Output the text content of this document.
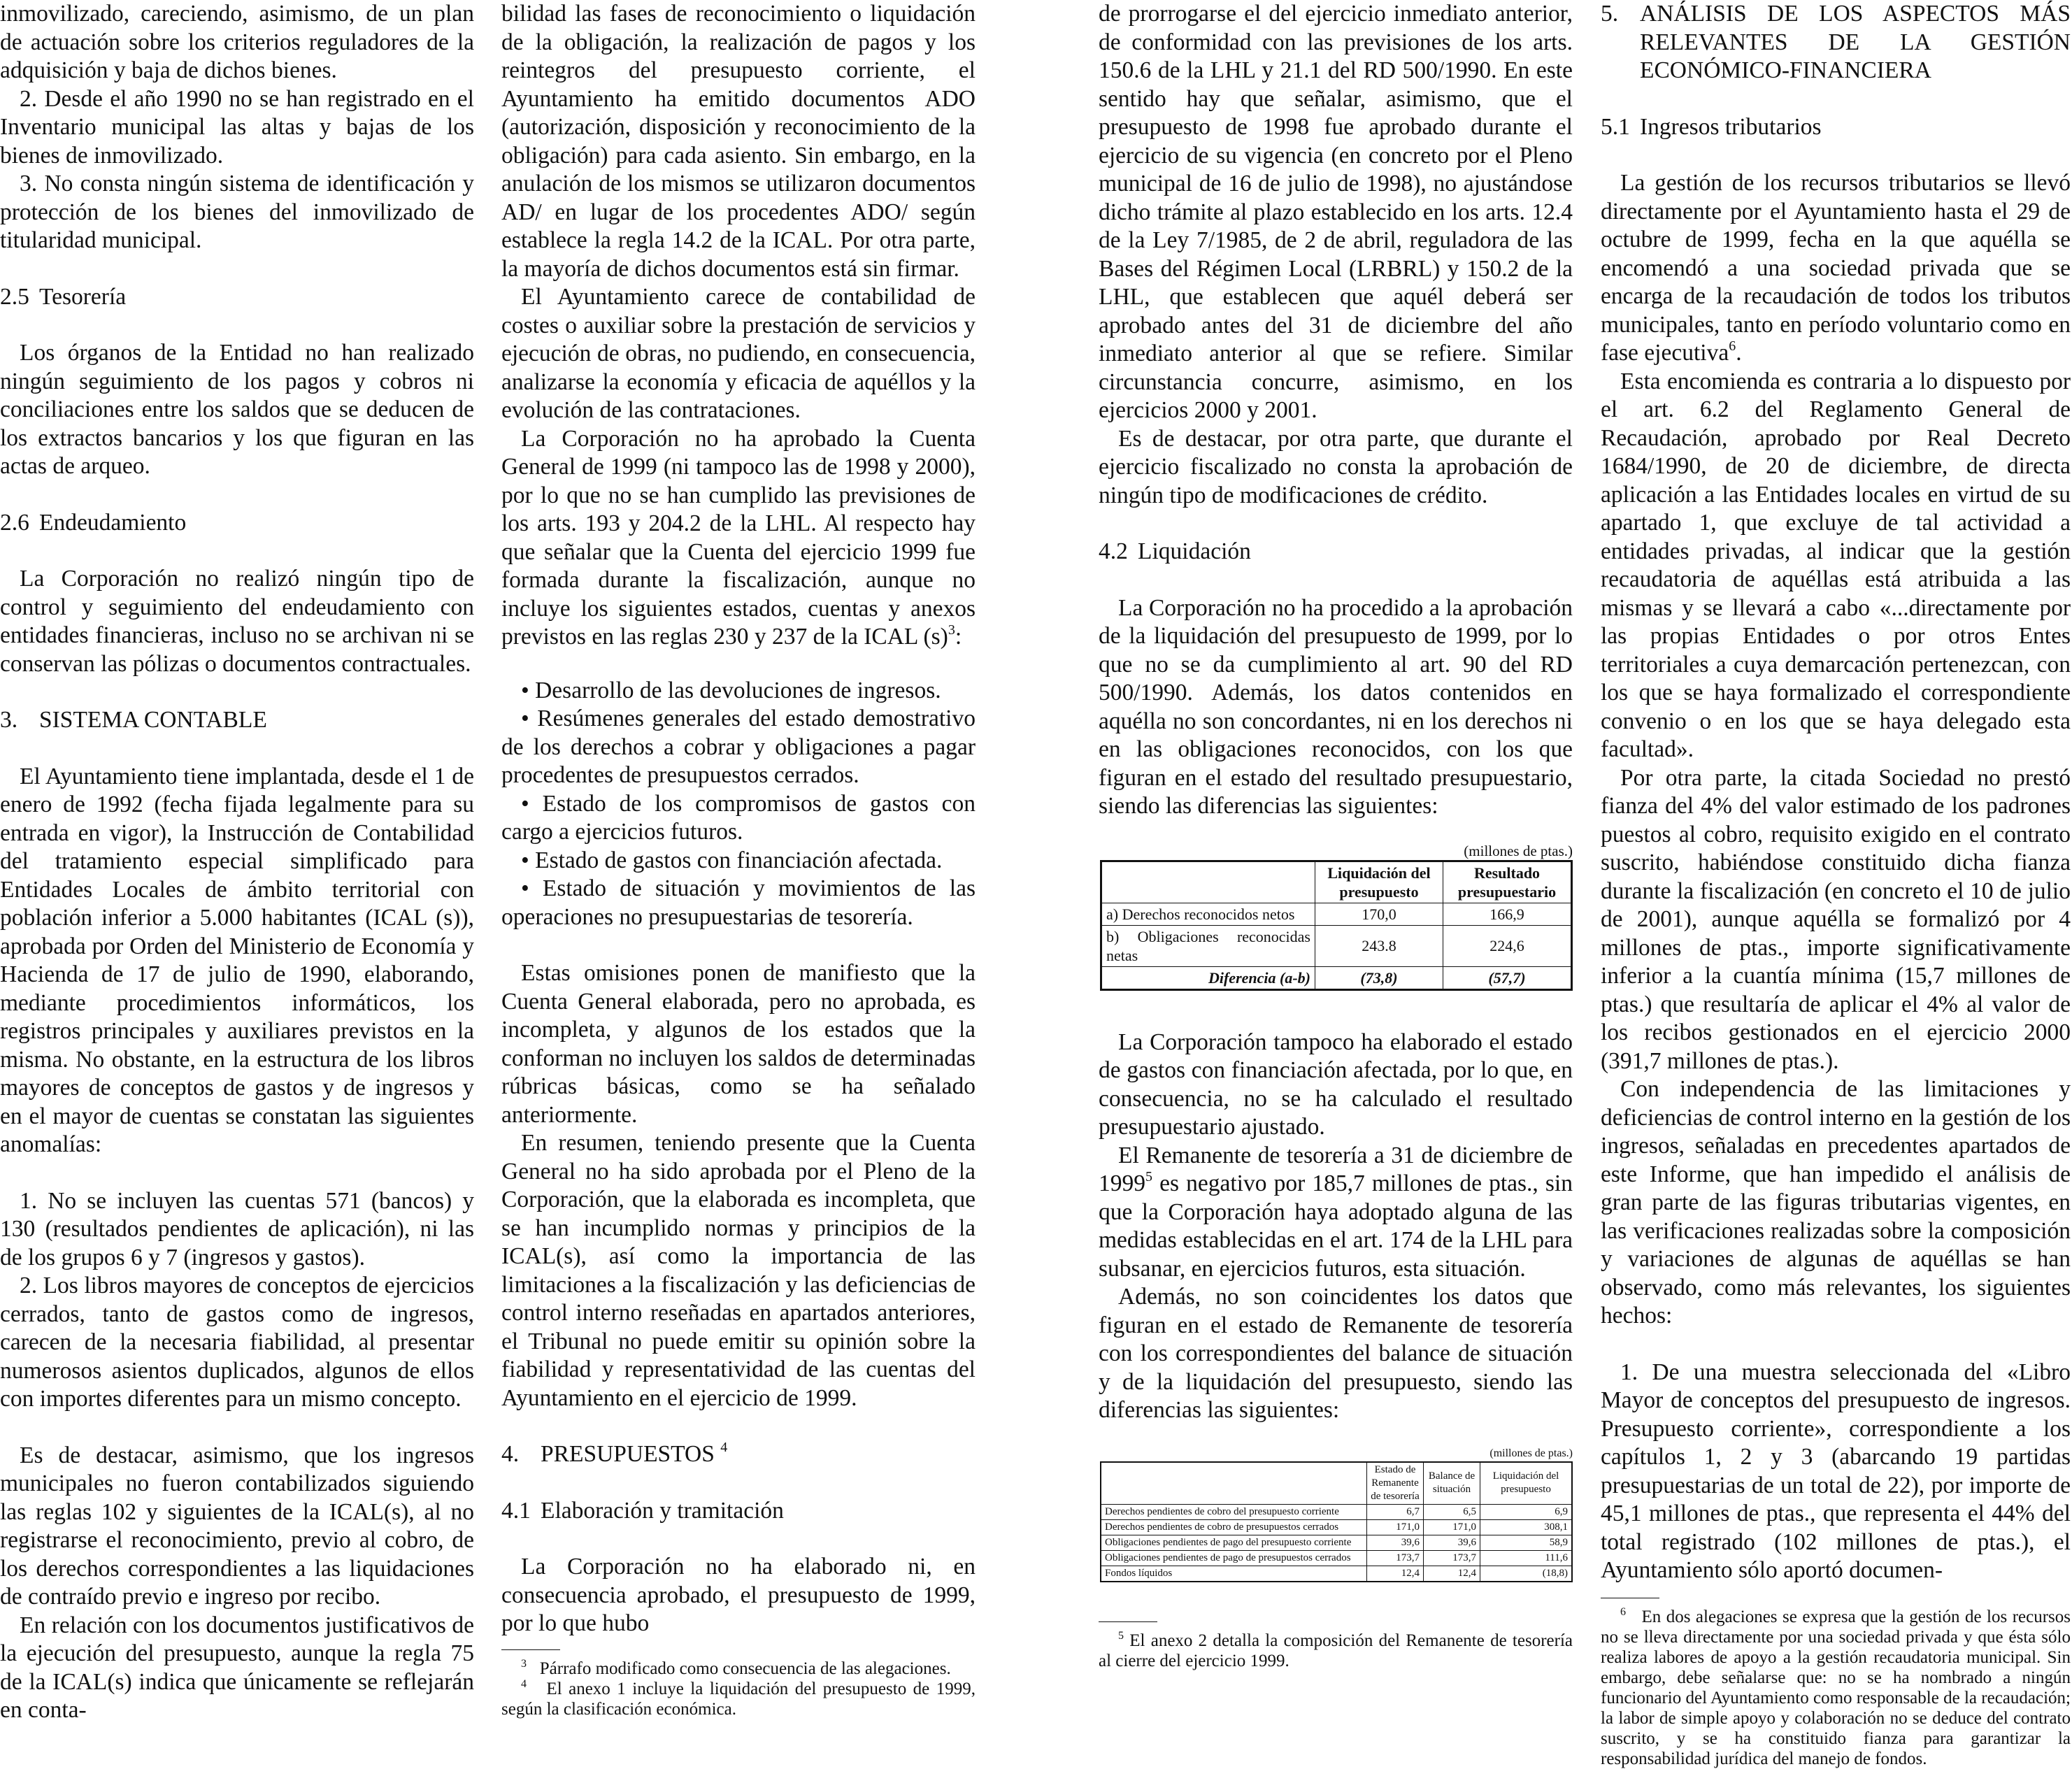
inmovilizado, careciendo, asimismo, de un plan de actuación sobre los criterios reguladores de la adquisición y baja de dichos bienes.

2. Desde el año 1990 no se han registrado en el Inventario municipal las altas y bajas de los bienes de inmovilizado.

3. No consta ningún sistema de identificación y protección de los bienes del inmovilizado de titularidad municipal.

2.5 Tesorería

Los órganos de la Entidad no han realizado ningún seguimiento de los pagos y cobros ni conciliaciones entre los saldos que se deducen de los extractos bancarios y los que figuran en las actas de arqueo.

2.6 Endeudamiento

La Corporación no realizó ningún tipo de control y seguimiento del endeudamiento con entidades financieras, incluso no se archivan ni se conservan las pólizas o documentos contractuales.

3. SISTEMA CONTABLE

El Ayuntamiento tiene implantada, desde el 1 de enero de 1992 (fecha fijada legalmente para su entrada en vigor), la Instrucción de Contabilidad del tratamiento especial simplificado para Entidades Locales de ámbito territorial con población inferior a 5.000 habitantes (ICAL (s)), aprobada por Orden del Ministerio de Economía y Hacienda de 17 de julio de 1990, elaborando, mediante procedimientos informáticos, los registros principales y auxiliares previstos en la misma. No obstante, en la estructura de los libros mayores de conceptos de gastos y de ingresos y en el mayor de cuentas se constatan las siguientes anomalías:

1. No se incluyen las cuentas 571 (bancos) y 130 (resultados pendientes de aplicación), ni las de los grupos 6 y 7 (ingresos y gastos).

2. Los libros mayores de conceptos de ejercicios cerrados, tanto de gastos como de ingresos, carecen de la necesaria fiabilidad, al presentar numerosos asientos duplicados, algunos de ellos con importes diferentes para un mismo concepto.

Es de destacar, asimismo, que los ingresos municipales no fueron contabilizados siguiendo las reglas 102 y siguientes de la ICAL(s), al no registrarse el reconocimiento, previo al cobro, de los derechos correspondientes a las liquidaciones de contraído previo e ingreso por recibo.

En relación con los documentos justificativos de la ejecución del presupuesto, aunque la regla 75 de la ICAL(s) indica que únicamente se reflejarán en conta-

bilidad las fases de reconocimiento o liquidación de la obligación, la realización de pagos y los reintegros del presupuesto corriente, el Ayuntamiento ha emitido documentos ADO (autorización, disposición y reconocimiento de la obligación) para cada asiento. Sin embargo, en la anulación de los mismos se utilizaron documentos AD/ en lugar de los procedentes ADO/ según establece la regla 14.2 de la ICAL. Por otra parte, la mayoría de dichos documentos está sin firmar.

El Ayuntamiento carece de contabilidad de costes o auxiliar sobre la prestación de servicios y ejecución de obras, no pudiendo, en consecuencia, analizarse la economía y eficacia de aquéllos y la evolución de las contrataciones.

La Corporación no ha aprobado la Cuenta General de 1999 (ni tampoco las de 1998 y 2000), por lo que no se han cumplido las previsiones de los arts. 193 y 204.2 de la LHL. Al respecto hay que señalar que la Cuenta del ejercicio 1999 fue formada durante la fiscalización, aunque no incluye los siguientes estados, cuentas y anexos previstos en las reglas 230 y 237 de la ICAL $(s)^3$:

• Desarrollo de las devoluciones de ingresos.

• Resúmenes generales del estado demostrativo de los derechos a cobrar y obligaciones a pagar procedentes de presupuestos cerrados.

• Estado de los compromisos de gastos con cargo a ejercicios futuros.

• Estado de gastos con financiación afectada.

• Estado de situación y movimientos de las operaciones no presupuestarias de tesorería.

Estas omisiones ponen de manifiesto que la Cuenta General elaborada, pero no aprobada, es incompleta, y algunos de los estados que la conforman no incluyen los saldos de determinadas rúbricas básicas, como se ha señalado anteriormente.

En resumen, teniendo presente que la Cuenta General no ha sido aprobada por el Pleno de la Corporación, que la elaborada es incompleta, que se han incumplido normas y principios de la ICAL(s), así como la importancia de las limitaciones a la fiscalización y las deficiencias de control interno reseñadas en apartados anteriores, el Tribunal no puede emitir su opinión sobre la fiabilidad y representatividad de las cuentas del Ayuntamiento en el ejercicio de 1999.

4. PRESUPUESTOS $^4$
4.1 Elaboración y tramitación

La Corporación no ha elaborado ni, en consecuencia aprobado, el presupuesto de 1999, por lo que hubo

$^3$ Párrafo modificado como consecuencia de las alegaciones.

$^4$ El anexo 1 incluye la liquidación del presupuesto de 1999, según la clasificación económica.

de prorrogarse el del ejercicio inmediato anterior, de conformidad con las previsiones de los arts. 150.6 de la LHL y 21.1 del RD 500/1990. En este sentido hay que señalar, asimismo, que el presupuesto de 1998 fue aprobado durante el ejercicio de su vigencia (en concreto por el Pleno municipal de 16 de julio de 1998), no ajustándose dicho trámite al plazo establecido en los arts. 12.4 de la Ley 7/1985, de 2 de abril, reguladora de las Bases del Régimen Local (LRBRL) y 150.2 de la LHL, que establecen que aquél deberá ser aprobado antes del 31 de diciembre del año inmediato anterior al que se refiere. Similar circunstancia concurre, asimismo, en los ejercicios 2000 y 2001.

Es de destacar, por otra parte, que durante el ejercicio fiscalizado no consta la aprobación de ningún tipo de modificaciones de crédito.

4.2 Liquidación

La Corporación no ha procedido a la aprobación de la liquidación del presupuesto de 1999, por lo que no se da cumplimiento al art. 90 del RD 500/1990. Además, los datos contenidos en aquélla no son concordantes, ni en los derechos ni en las obligaciones reconocidos, con los que figuran en el estado del resultado presupuestario, siendo las diferencias las siguientes:

(millones de ptas.)
	Liquidación del presupuesto	Resultado presupuestario
a) Derechos reconocidos netos	170,0	166,9
b) Obligaciones reconocidas netas	243.8	224,6
Diferencia (a-b)	(73,8)	(57,7)

La Corporación tampoco ha elaborado el estado de gastos con financiación afectada, por lo que, en consecuencia, no se ha calculado el resultado presupuestario ajustado.

El Remanente de tesorería a 31 de diciembre de 1999$^5$ es negativo por 185,7 millones de ptas., sin que la Corporación haya adoptado alguna de las medidas establecidas en el art. 174 de la LHL para subsanar, en ejercicios futuros, esta situación.

Además, no son coincidentes los datos que figuran en el estado de Remanente de tesorería con los correspondientes del balance de situación y de la liquidación del presupuesto, siendo las diferencias las siguientes:

(millones de ptas.)
	Estado de Remanente de tesorería	Balance de situación	Liquidación del presupuesto
Derechos pendientes de cobro del presupuesto corriente	6,7	6,5	6,9
Derechos pendientes de cobro de presupuestos cerrados	171,0	171,0	308,1
Obligaciones pendientes de pago del presupuesto corriente	39,6	39,6	58,9
Obligaciones pendientes de pago de presupuestos cerrados	173,7	173,7	111,6
Fondos líquidos	12,4	12,4	(18,8)

$^5$ El anexo 2 detalla la composición del Remanente de tesorería al cierre del ejercicio 1999.

5. ANÁLISIS DE LOS ASPECTOS MÁS RELEVANTES DE LA GESTIÓN ECONÓMICO-FINANCIERA
5.1 Ingresos tributarios

La gestión de los recursos tributarios se llevó directamente por el Ayuntamiento hasta el 29 de octubre de 1999, fecha en la que aquélla se encomendó a una sociedad privada que se encarga de la recaudación de todos los tributos municipales, tanto en período voluntario como en fase ejecutiva$^6$.

Esta encomienda es contraria a lo dispuesto por el art. 6.2 del Reglamento General de Recaudación, aprobado por Real Decreto 1684/1990, de 20 de diciembre, de directa aplicación a las Entidades locales en virtud de su apartado 1, que excluye de tal actividad a entidades privadas, al indicar que la gestión recaudatoria de aquéllas está atribuida a las mismas y se llevará a cabo «...directamente por las propias Entidades o por otros Entes territoriales a cuya demarcación pertenezcan, con los que se haya formalizado el correspondiente convenio o en los que se haya delegado esta facultad».

Por otra parte, la citada Sociedad no prestó fianza del 4% del valor estimado de los padrones puestos al cobro, requisito exigido en el contrato suscrito, habiéndose constituido dicha fianza durante la fiscalización (en concreto el 10 de julio de 2001), aunque aquélla se formalizó por 4 millones de ptas., importe significativamente inferior a la cuantía mínima (15,7 millones de ptas.) que resultaría de aplicar el 4% al valor de los recibos gestionados en el ejercicio 2000 (391,7 millones de ptas.).

Con independencia de las limitaciones y deficiencias de control interno en la gestión de los ingresos, señaladas en precedentes apartados de este Informe, que han impedido el análisis de gran parte de las figuras tributarias vigentes, en las verificaciones realizadas sobre la composición y variaciones de algunas de aquéllas se han observado, como más relevantes, los siguientes hechos:

1. De una muestra seleccionada del «Libro Mayor de conceptos del presupuesto de ingresos. Presupuesto corriente», correspondiente a los capítulos 1, 2 y 3 (abarcando 19 partidas presupuestarias de un total de 22), por importe de 45,1 millones de ptas., que representa el 44% del total registrado (102 millones de ptas.), el Ayuntamiento sólo aportó documen-

$^6$ En dos alegaciones se expresa que la gestión de los recursos no se lleva directamente por una sociedad privada y que ésta sólo realiza labores de apoyo a la gestión recaudatoria municipal. Sin embargo, debe señalarse que: no se ha nombrado a ningún funcionario del Ayuntamiento como responsable de la recaudación; la labor de simple apoyo y colaboración no se deduce del contrato suscrito, y se ha constituido fianza para garantizar la responsabilidad jurídica del manejo de fondos.
